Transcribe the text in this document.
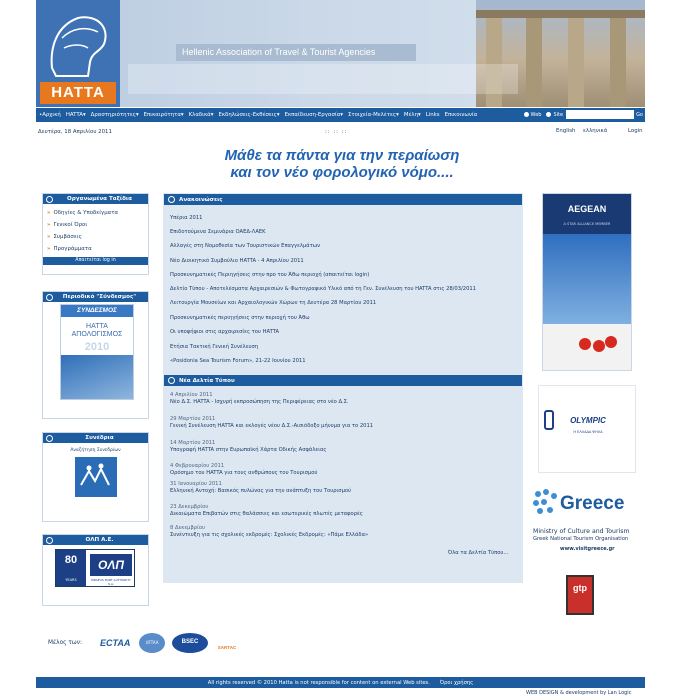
HATTA
Hellenic Association of Travel & Tourist Agencies
•Αρχική HATTA▾ Δραστηριότητες▾ Επικαιρότητα▾ Κλαδικά▾ Εκδηλώσεις-Εκθέσεις▾ Εκπαίδευση-Εργασία▾ Στοιχεία-Μελέτες▾ Μέλη▾ Links Επικοινωνία	Web Site	Go
Δευτέρα, 18 Απριλίου 2011	:: :: ::	English ελληνικά	Login
Μάθε τα πάντα για την περαίωση
και τον νέο φορολογικό νόμο....
Οργανωμένα Ταξίδια
» Οδηγίες & Υποδείγματα
» Γενικοί Όροι
» Συμβάσεις
» Προγράμματα
Απαιτείται log in
Περιοδικό "Σύνδεσμος"
ΣΥΝΔΕΣΜΟΣ
HATTA
ΑΠΟΛΟΓΙΣΜΟΣ
2010
Συνέδρια
Αναζήτηση Συνεδρίων
ΟΛΠ Α.Ε.
80
YEARS
ΟΛΠ
PIRAEUS PORT AUTHORITY S.A.
Ανακοινώσεις
Υπέρια 2011
Επιδοτούμενα Σεμινάρια ΟΑΕΔ-ΛΑΕΚ
Αλλαγές στη Νομοθεσία των Τουριστικών Επαγγελμάτων
Νέο Διοικητικό Συμβούλιο HATTA - 4 Απριλίου 2011
Προσκυνηματικές Περιηγήσεις στην προ του Άθω περιοχή (απαιτείται login)
Δελτίο Τύπου - Αποτελέσματα Αρχαιρεσιών & Φωτογραφικό Υλικό από τη Γεν. Συνέλευση του HATTA στις 28/03/2011
Λειτουργία Μουσείων και Αρχαιολογικών Χώρων τη Δευτέρα 28 Μαρτίου 2011
Προσκυνηματικές περιηγήσεις στην περιοχή του Άθω
Οι υποψήφιοι στις αρχαιρεσίες του HATTA
Ετήσια Τακτική Γενική Συνέλευση
«Posidonia Sea Tourism Forum», 21-22 Ιουνίου 2011
Νέα Δελτία Τύπου
4 Απριλίου 2011
Νέο Δ.Σ. HATTA - Ισχυρή εκπροσώπηση της Περιφέρειας στο νέο Δ.Σ.
29 Μαρτίου 2011
Γενική Συνέλευση HATTA και εκλογές νέου Δ.Σ.-Αισιόδοξο μήνυμα για το 2011
14 Μαρτίου 2011
Υπογραφή HATTA στην Ευρωπαϊκή Χάρτα Οδικής Ασφάλειας
4 Φεβρουαρίου 2011
Ορόσημο του HATTA για τους ανθρώπους του Τουρισμού
31 Ιανουαρίου 2011
Ελληνική Αντοχή: Βασικός πυλώνας για την ανάπτυξη του Τουρισμού
23 Δεκεμβρίου
Δικαιώματα Επιβατών στις θαλάσσιες και εσωτερικές πλωτές μεταφορές
8 Δεκεμβρίου
Συνέντευξη για τις σχολικές εκδρομές: Σχολικές Εκδρομές: «Πάμε Ελλάδα»
Όλα τα Δελτία Τύπου...
AEGEAN
A STAR ALLIANCE MEMBER
OLYMPIC
Η ΕΛΛΑΔΑ ΨΗΛΑ
Greece
Ministry of Culture and Tourism
Greek National Tourism Organisation
www.visitgreece.gr
gtp
Μέλος των: ECTAA	UFTAA	BSEC
SARTAC
All rights reserved © 2010 Hatta is not responsible for content on external Web sites. Όροι χρήσης
WEB DESIGN & development by Lan Logic
